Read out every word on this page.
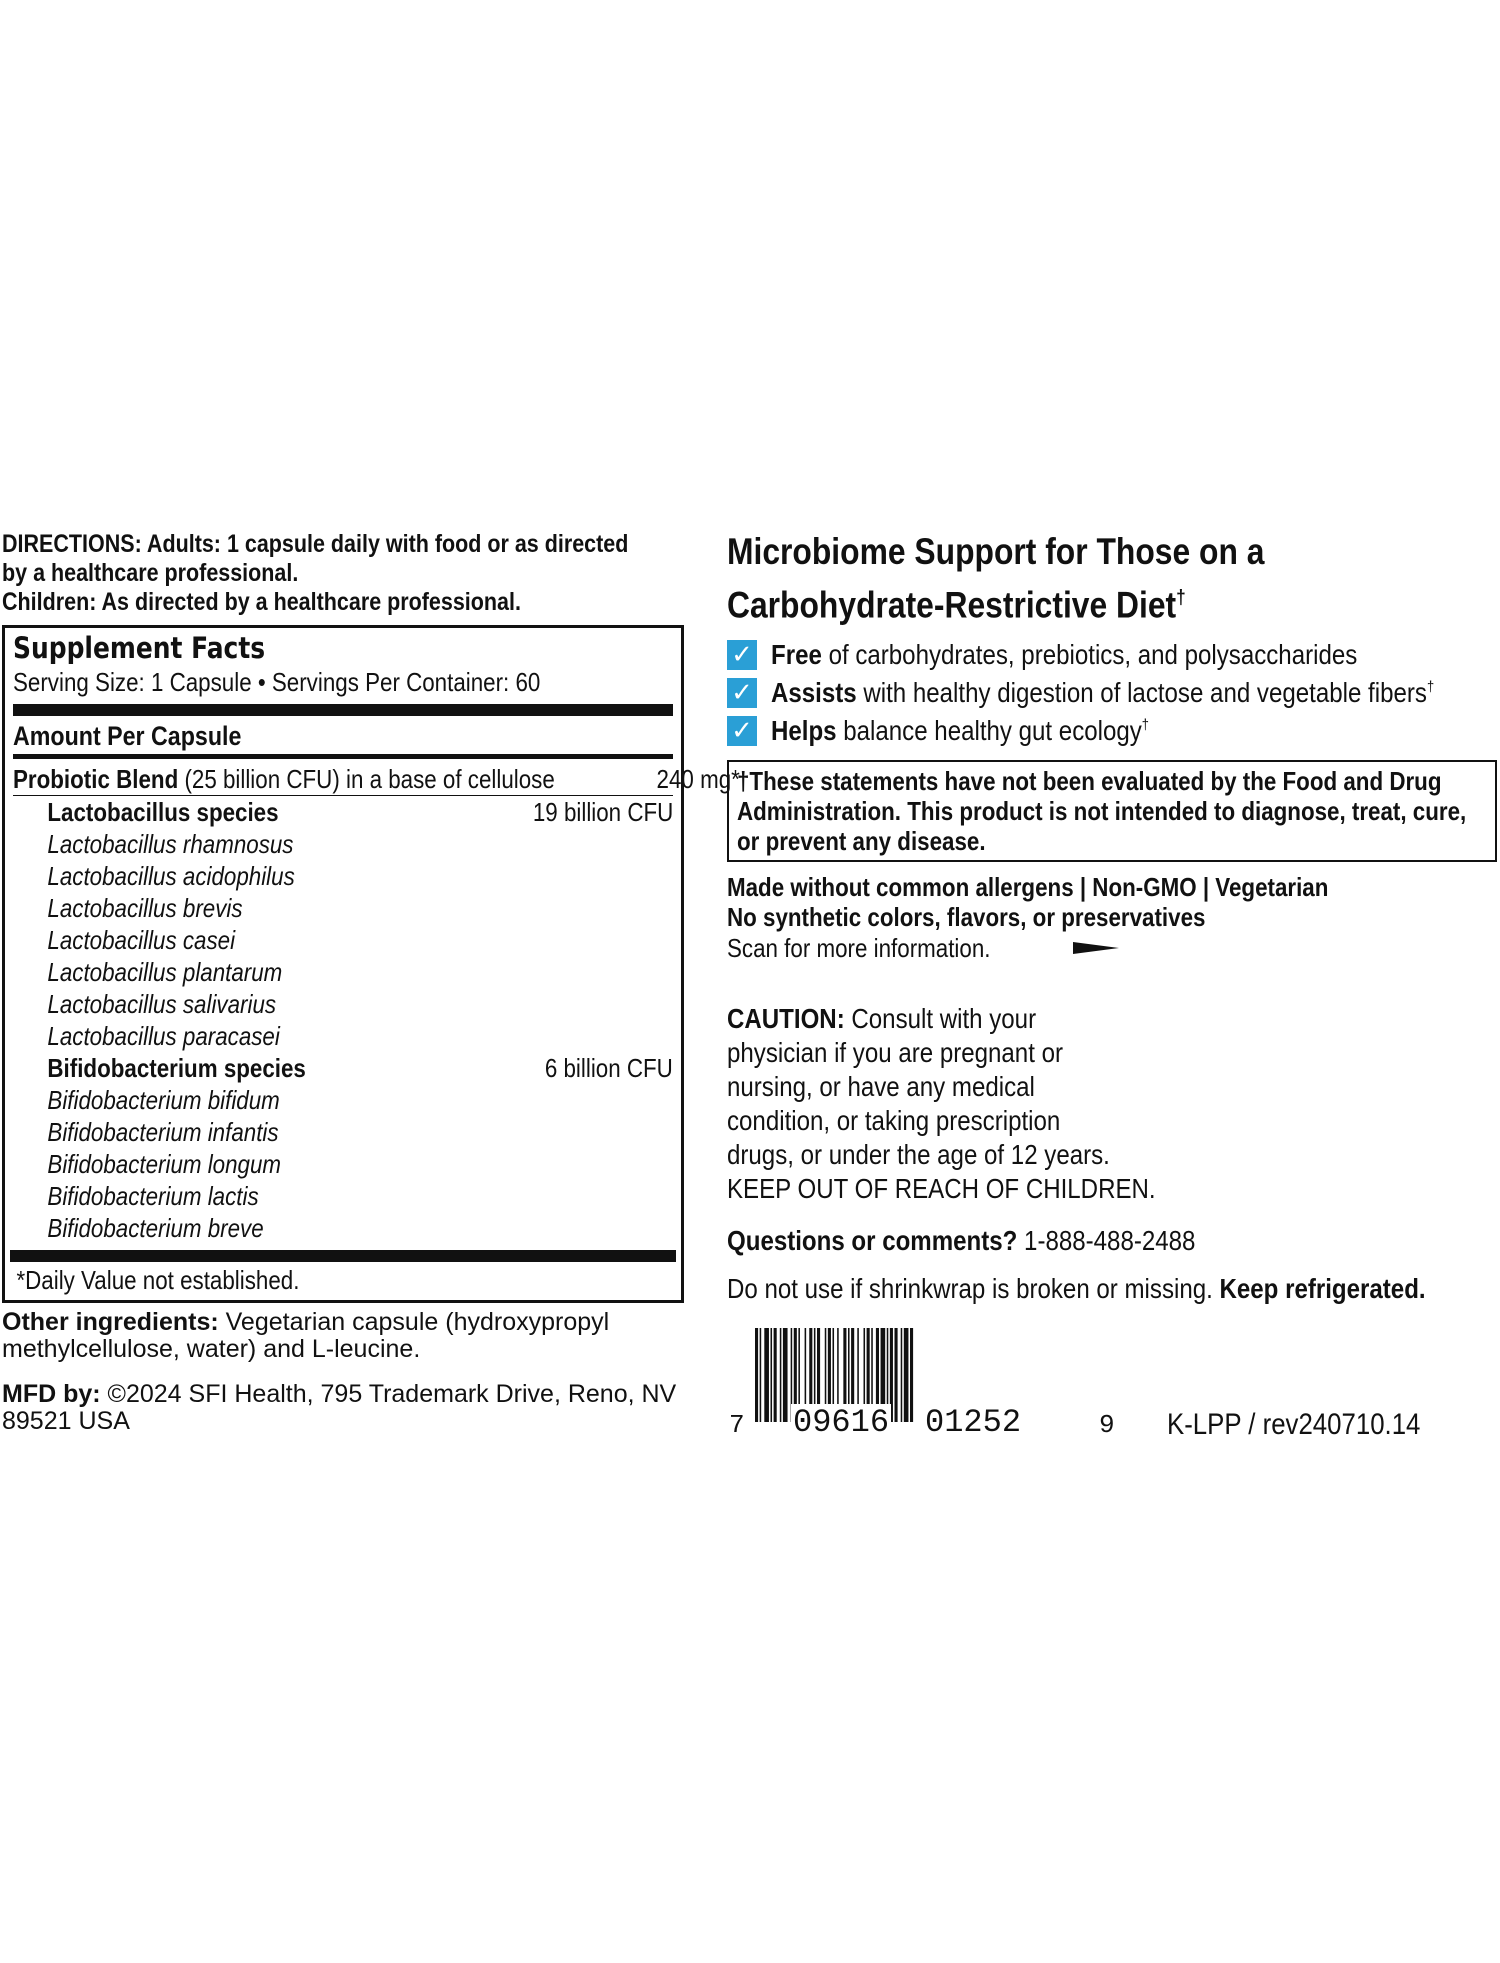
DIRECTIONS: Adults: 1 capsule daily with food or as directed
by a healthcare professional.
Children: As directed by a healthcare professional.
Supplement Facts
Serving Size: 1 Capsule • Servings Per Container: 60
Amount Per Capsule
Probiotic Blend (25 billion CFU) in a base of cellulose	240 mg*
Lactobacillus species	19 billion CFU
Lactobacillus rhamnosus
Lactobacillus acidophilus
Lactobacillus brevis
Lactobacillus casei
Lactobacillus plantarum
Lactobacillus salivarius
Lactobacillus paracasei
Bifidobacterium species	6 billion CFU
Bifidobacterium bifidum
Bifidobacterium infantis
Bifidobacterium longum
Bifidobacterium lactis
Bifidobacterium breve
*Daily Value not established.
Other ingredients: Vegetarian capsule (hydroxypropyl methylcellulose, water) and L-leucine.
MFD by: ©2024 SFI Health, 795 Trademark Drive, Reno, NV 89521 USA
Microbiome Support for Those on a
Carbohydrate-Restrictive Diet†
✓ Free of carbohydrates, prebiotics, and polysaccharides
✓ Assists with healthy digestion of lactose and vegetable fibers†
✓ Helps balance healthy gut ecology†
†These statements have not been evaluated by the Food and Drug Administration. This product is not intended to diagnose, treat, cure, or prevent any disease.
Made without common allergens | Non-GMO | Vegetarian
No synthetic colors, flavors, or preservatives
Scan for more information.
CAUTION: Consult with your
physician if you are pregnant or
nursing, or have any medical
condition, or taking prescription
drugs, or under the age of 12 years.
KEEP OUT OF REACH OF CHILDREN.
Questions or comments? 1-888-488-2488
Do not use if shrinkwrap is broken or missing. Keep refrigerated.
7 09616 01252	9 K-LPP / rev240710.14
